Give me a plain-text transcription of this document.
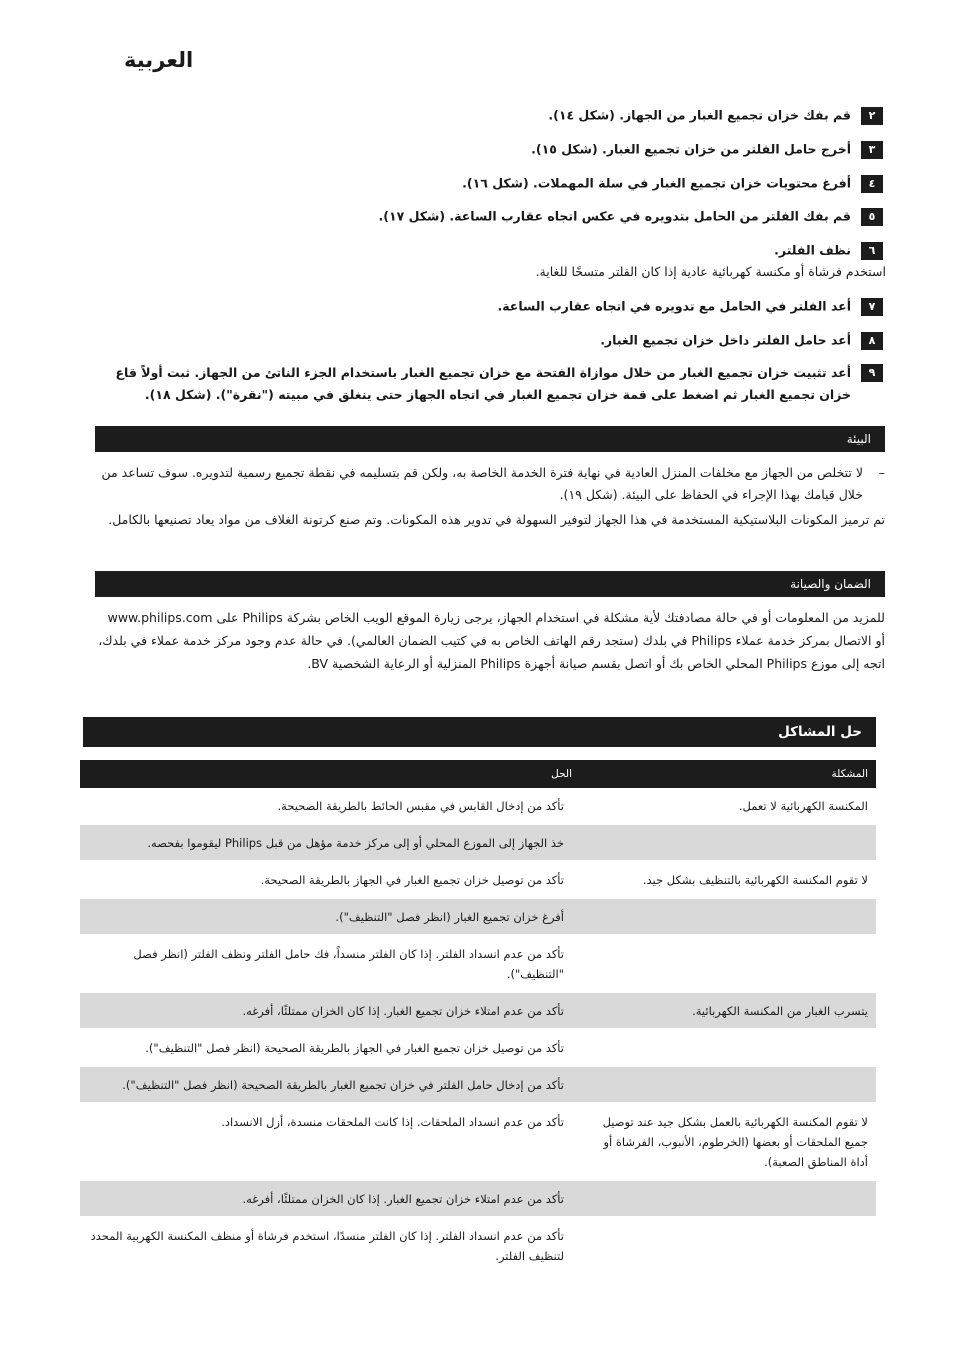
العربية
٢قم بفك خزان تجميع الغبار من الجهاز. (شكل ١٤).
٣أخرج حامل الفلتر من خزان تجميع الغبار. (شكل ١٥).
٤أفرغ محتويات خزان تجميع الغبار في سلة المهملات. (شكل ١٦).
٥قم بفك الفلتر من الحامل بتدويره في عكس اتجاه عقارب الساعة. (شكل ١٧).
٦نظف الفلتر.
استخدم فرشاة أو مكنسة كهربائية عادية إذا كان الفلتر متسخًا للغاية.
٧أعد الفلتر في الحامل مع تدويره في اتجاه عقارب الساعة.
٨أعد حامل الفلتر داخل خزان تجميع الغبار.
٩
أعد تثبيت خزان تجميع الغبار من خلال موازاة الفتحة مع خزان تجميع الغبار باستخدام الجزء الناتئ من الجهاز. ثبت أولاً قاع خزان تجميع الغبار ثم اضغط على قمة خزان تجميع الغبار في اتجاه الجهاز حتى ينغلق في مبيته ("نقرة"). (شكل ١٨).
البيئة
–
لا تتخلص من الجهاز مع مخلفات المنزل العادية في نهاية فترة الخدمة الخاصة به، ولكن قم بتسليمه في نقطة تجميع رسمية لتدويره. سوف تساعد من خلال قيامك بهذا الإجراء في الحفاظ على البيئة. (شكل ١٩).
تم ترميز المكونات البلاستيكية المستخدمة في هذا الجهاز لتوفير السهولة في تدوير هذه المكونات. وتم صنع كرتونة الغلاف من مواد يعاد تصنيعها بالكامل.
الضمان والصيانة
للمزيد من المعلومات أو في حالة مصادفتك لأية مشكلة في استخدام الجهاز، يرجى زيارة الموقع الويب الخاص بشركة Philips على www.philips.com أو الاتصال بمركز خدمة عملاء Philips في بلدك (ستجد رقم الهاتف الخاص به في كتيب الضمان العالمي). في حالة عدم وجود مركز خدمة عملاء في بلدك، اتجه إلى موزع Philips المحلي الخاص بك أو اتصل بقسم صيانة أجهزة Philips المنزلية أو الرعاية الشخصية BV.
حل المشاكل
المشكلة	الحل
المكنسة الكهربائية لا تعمل.	تأكد من إدخال القابس في مقبس الحائط بالطريقة الصحيحة.
	خذ الجهاز إلى الموزع المحلي أو إلى مركز خدمة مؤهل من قبل Philips ليقوموا بفحصه.
لا تقوم المكنسة الكهربائية بالتنظيف بشكل جيد.	تأكد من توصيل خزان تجميع الغبار في الجهاز بالطريقة الصحيحة.
	أفرغ خزان تجميع الغبار (انظر فصل "التنظيف").
	تأكد من عدم انسداد الفلتر. إذا كان الفلتر منسداً، فك حامل الفلتر ونظف الفلتر (انظر فصل "التنظيف").
يتسرب الغبار من المكنسة الكهربائية.	تأكد من عدم امتلاء خزان تجميع الغبار. إذا كان الخزان ممتلئًا، أفرغه.
	تأكد من توصيل خزان تجميع الغبار في الجهاز بالطريقة الصحيحة (انظر فصل "التنظيف").
	تأكد من إدخال حامل الفلتر في خزان تجميع الغبار بالطريقة الصحيحة (انظر فصل "التنظيف").
لا تقوم المكنسة الكهربائية بالعمل بشكل جيد عند توصيل جميع الملحقات أو بعضها (الخرطوم، الأنبوب، الفرشاة أو أداة المناطق الصعبة).	تأكد من عدم انسداد الملحقات. إذا كانت الملحقات منسدة، أزل الانسداد.
	تأكد من عدم امتلاء خزان تجميع الغبار. إذا كان الخزان ممتلئًا، أفرغه.
	تأكد من عدم انسداد الفلتر. إذا كان الفلتر منسدًا، استخدم فرشاة أو منظف المكنسة الكهربية المحدد لتنظيف الفلتر.
